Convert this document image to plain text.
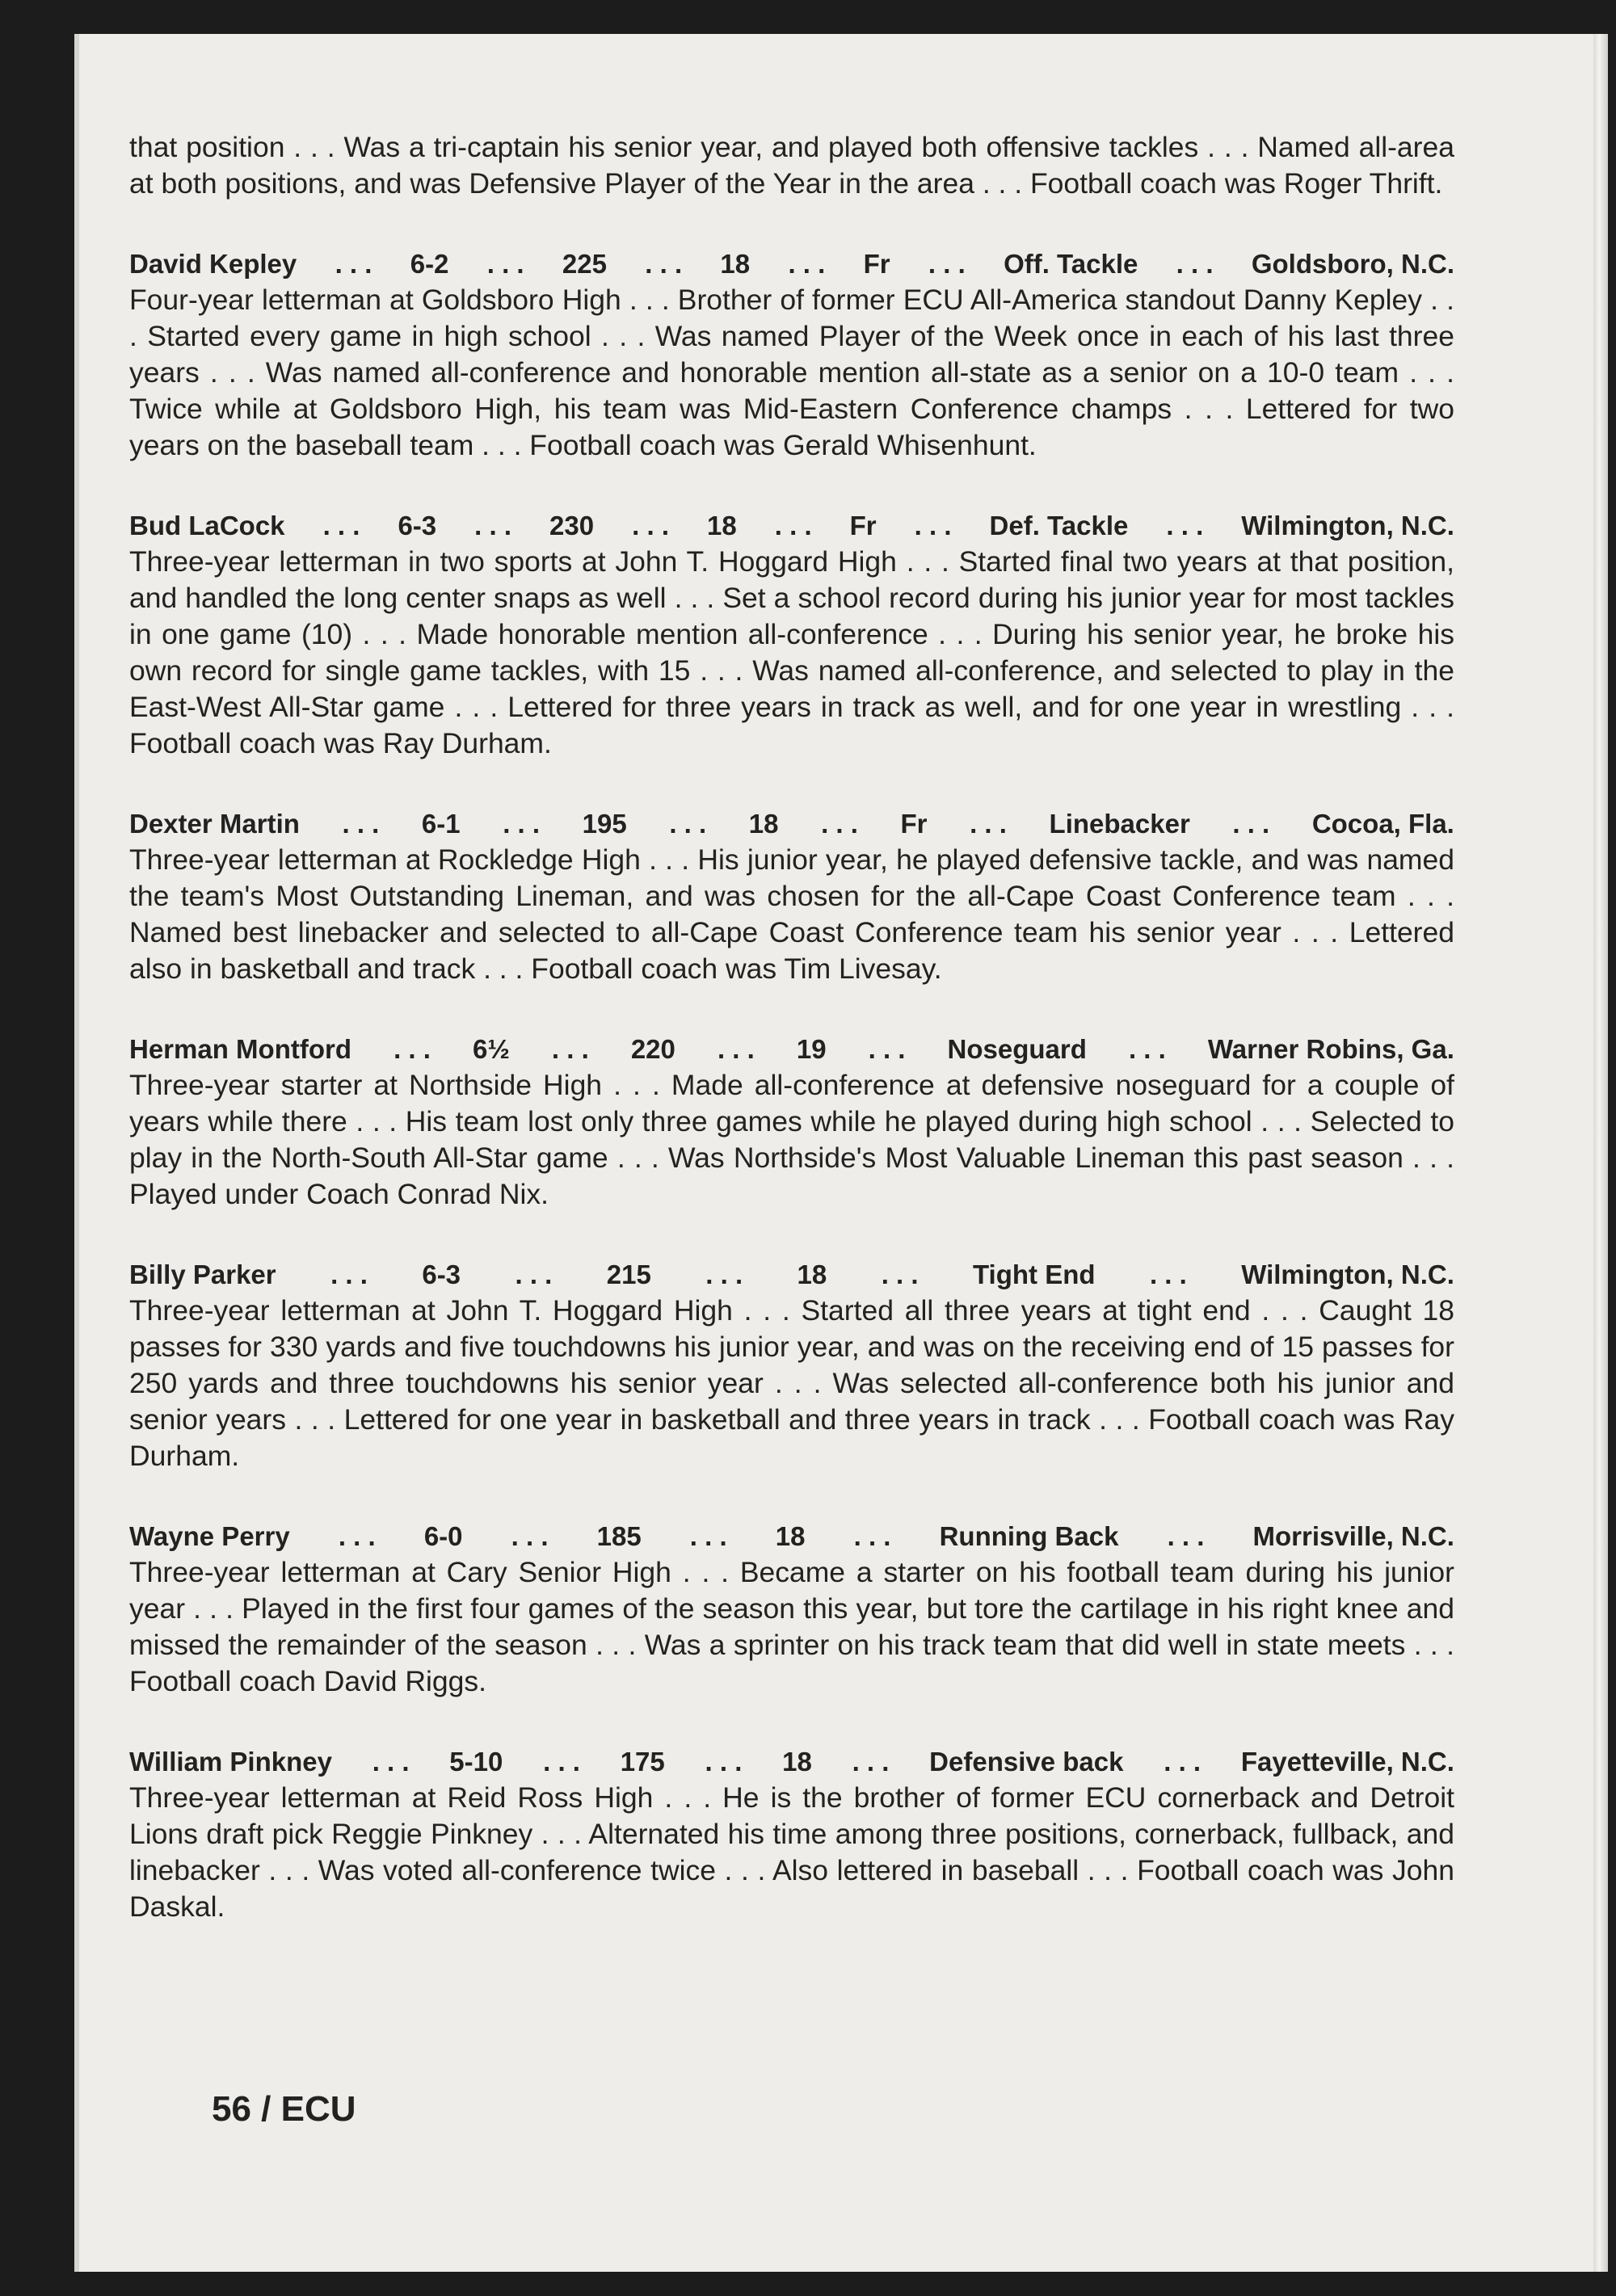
that position . . . Was a tri-captain his senior year, and played both offensive tackles . . . Named all-area at both positions, and was Defensive Player of the Year in the area . . . Football coach was Roger Thrift.

David Kepley . . . 6-2 . . . 225 . . . 18 . . . Fr . . . Off. Tackle . . . Goldsboro, N.C.

Four-year letterman at Goldsboro High . . . Brother of former ECU All-America standout Danny Kepley . . . Started every game in high school . . . Was named Player of the Week once in each of his last three years . . . Was named all-conference and honorable mention all-state as a senior on a 10-0 team . . . Twice while at Goldsboro High, his team was Mid-Eastern Conference champs . . . Lettered for two years on the baseball team . . . Football coach was Gerald Whisenhunt.

Bud LaCock . . . 6-3 . . . 230 . . . 18 . . . Fr . . . Def. Tackle . . . Wilmington, N.C.

Three-year letterman in two sports at John T. Hoggard High . . . Started final two years at that position, and handled the long center snaps as well . . . Set a school record during his junior year for most tackles in one game (10) . . . Made honorable mention all-conference . . . During his senior year, he broke his own record for single game tackles, with 15 . . . Was named all-conference, and selected to play in the East-West All-Star game . . . Lettered for three years in track as well, and for one year in wrestling . . . Football coach was Ray Durham.

Dexter Martin . . . 6-1 . . . 195 . . . 18 . . . Fr . . . Linebacker . . . Cocoa, Fla.

Three-year letterman at Rockledge High . . . His junior year, he played defensive tackle, and was named the team's Most Outstanding Lineman, and was chosen for the all-Cape Coast Conference team . . . Named best linebacker and selected to all-Cape Coast Conference team his senior year . . . Lettered also in basketball and track . . . Football coach was Tim Livesay.

Herman Montford . . . 6½ . . . 220 . . . 19 . . . Noseguard . . . Warner Robins, Ga.

Three-year starter at Northside High . . . Made all-conference at defensive noseguard for a couple of years while there . . . His team lost only three games while he played during high school . . . Selected to play in the North-South All-Star game . . . Was Northside's Most Valuable Lineman this past season . . . Played under Coach Conrad Nix.

Billy Parker . . . 6-3 . . . 215 . . . 18 . . . Tight End . . . Wilmington, N.C.

Three-year letterman at John T. Hoggard High . . . Started all three years at tight end . . . Caught 18 passes for 330 yards and five touchdowns his junior year, and was on the receiving end of 15 passes for 250 yards and three touchdowns his senior year . . . Was selected all-conference both his junior and senior years . . . Lettered for one year in basketball and three years in track . . . Football coach was Ray Durham.

Wayne Perry . . . 6-0 . . . 185 . . . 18 . . . Running Back . . . Morrisville, N.C.

Three-year letterman at Cary Senior High . . . Became a starter on his football team during his junior year . . . Played in the first four games of the season this year, but tore the cartilage in his right knee and missed the remainder of the season . . . Was a sprinter on his track team that did well in state meets . . . Football coach David Riggs.

William Pinkney . . . 5-10 . . . 175 . . . 18 . . . Defensive back . . . Fayetteville, N.C.

Three-year letterman at Reid Ross High . . . He is the brother of former ECU cornerback and Detroit Lions draft pick Reggie Pinkney . . . Alternated his time among three positions, cornerback, fullback, and linebacker . . . Was voted all-conference twice . . . Also lettered in baseball . . . Football coach was John Daskal.

56 / ECU
